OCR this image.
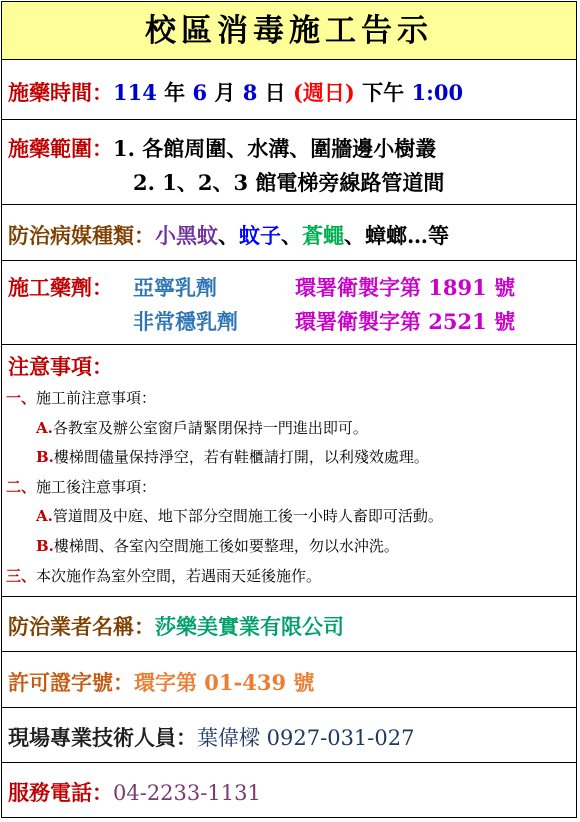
校區消毒施工告示
施藥時間：114 年 6 月 8 日 (週日) 下午 1:00
施藥範圍：1. 各館周圍、水溝、圍牆邊小樹叢
2. 1、2、3 館電梯旁線路管道間
防治病媒種類：小黑蚊、蚊子、蒼蠅、蟑螂…等
施工藥劑： 亞寧乳劑	環署衛製字第 1891 號
非常穩乳劑	環署衛製字第 2521 號
注意事項：
一、施工前注意事項：
A.各教室及辦公室窗戶請緊閉保持一門進出即可。
B.樓梯間儘量保持淨空，若有鞋櫃請打開，以利殘效處理。
二、施工後注意事項：
A.管道間及中庭、地下部分空間施工後一小時人畜即可活動。
B.樓梯間、各室內空間施工後如要整理，勿以水沖洗。
三、本次施作為室外空間，若遇雨天延後施作。
防治業者名稱：莎樂美實業有限公司
許可證字號：環字第 01-439 號
現場專業技術人員：葉偉樑 0927-031-027
服務電話：04-2233-1131
